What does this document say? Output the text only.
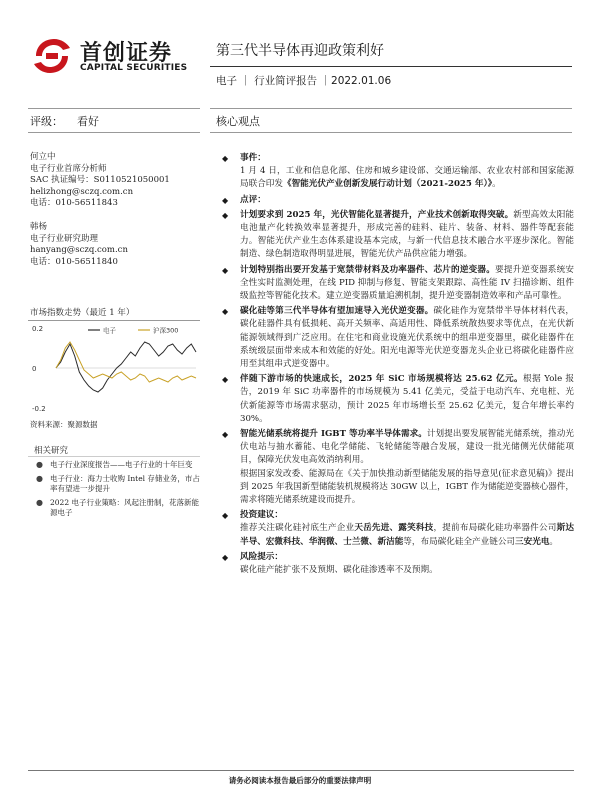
首创证券
CAPITAL SECURITIES
第三代半导体再迎政策利好
电子 ｜ 行业简评报告 ｜2022.01.06
评级： 看好	核心观点
何立中
电子行业首席分析师
SAC 执证编号：S0110521050001
helizhong@sczq.com.cn
电话：010-56511843
韩杨
电子行业研究助理
hanyang@sczq.com.cn
电话：010-56511840
市场指数走势（最近 1 年）
0.2
0
-0.2
电子	沪深300
资料来源：聚源数据
相关研究
● 电子行业深度报告——电子行业的十年巨变
● 电子行业：海力士收购 Intel 存储业务，市占率有望进一步提升
● 2022 电子行业策略：风起注册制，花落新能源电子
◆ 事件：
1 月 4 日，工业和信息化部、住房和城乡建设部、交通运输部、农业农村部和国家能源局联合印发《智能光伏产业创新发展行动计划（2021-2025 年）》。
◆ 点评：
◆ 计划要求到 2025 年，光伏智能化显著提升，产业技术创新取得突破。新型高效太阳能电池量产化转换效率显著提升，形成完善的硅料、硅片、装备、材料、器件等配套能力。智能光伏产业生态体系建设基本完成，与新一代信息技术融合水平逐步深化。智能制造、绿色制造取得明显进展，智能光伏产品供应能力增强。
◆ 计划特别指出要开发基于宽禁带材料及功率器件、芯片的逆变器。要提升逆变器系统安全性实时监测处理，在线 PID 抑制与修复、智能支架跟踪、高性能 IV 扫描诊断、组件级监控等智能化技术。建立逆变器质量追溯机制，提升逆变器制造效率和产品可靠性。
◆ 碳化硅等第三代半导体有望加速导入光伏逆变器。碳化硅作为宽禁带半导体材料代表，碳化硅器件具有低损耗、高开关频率、高适用性、降低系统散热要求等优点，在光伏新能源领域得到广泛应用。在住宅和商业设施光伏系统中的组串逆变器里，碳化硅器件在系统级层面带来成本和效能的好处。阳光电源等光伏逆变器龙头企业已将碳化硅器件应用至其组串式逆变器中。
◆ 伴随下游市场的快速成长，2025 年 SiC 市场规模将达 25.62 亿元。根据 Yole 报告，2019 年 SiC 功率器件的市场规模为 5.41 亿美元，受益于电动汽车、充电桩、光伏新能源等市场需求驱动，预计 2025 年市场增长至 25.62 亿美元，复合年增长率约 30%。
◆ 智能光储系统将提升 IGBT 等功率半导体需求。计划提出要发展智能光储系统，推动光伏电站与抽水蓄能、电化学储能、飞轮储能等融合发展，建设一批光储侧光伏储能项目，保障光伏发电高效消纳利用。
根据国家发改委、能源局在《关于加快推动新型储能发展的指导意见(征求意见稿)》提出到 2025 年我国新型储能装机规模将达 30GW 以上，IGBT 作为储能逆变器核心器件，需求将随光储系统建设而提升。
◆ 投资建议：
推荐关注碳化硅衬底生产企业天岳先进、露笑科技，提前布局碳化硅功率器件公司斯达半导、宏微科技、华润微、士兰微、新洁能等，布局碳化硅全产业链公司三安光电。
◆ 风险提示：
碳化硅产能扩张不及预期、碳化硅渗透率不及预期。
请务必阅读本报告最后部分的重要法律声明
